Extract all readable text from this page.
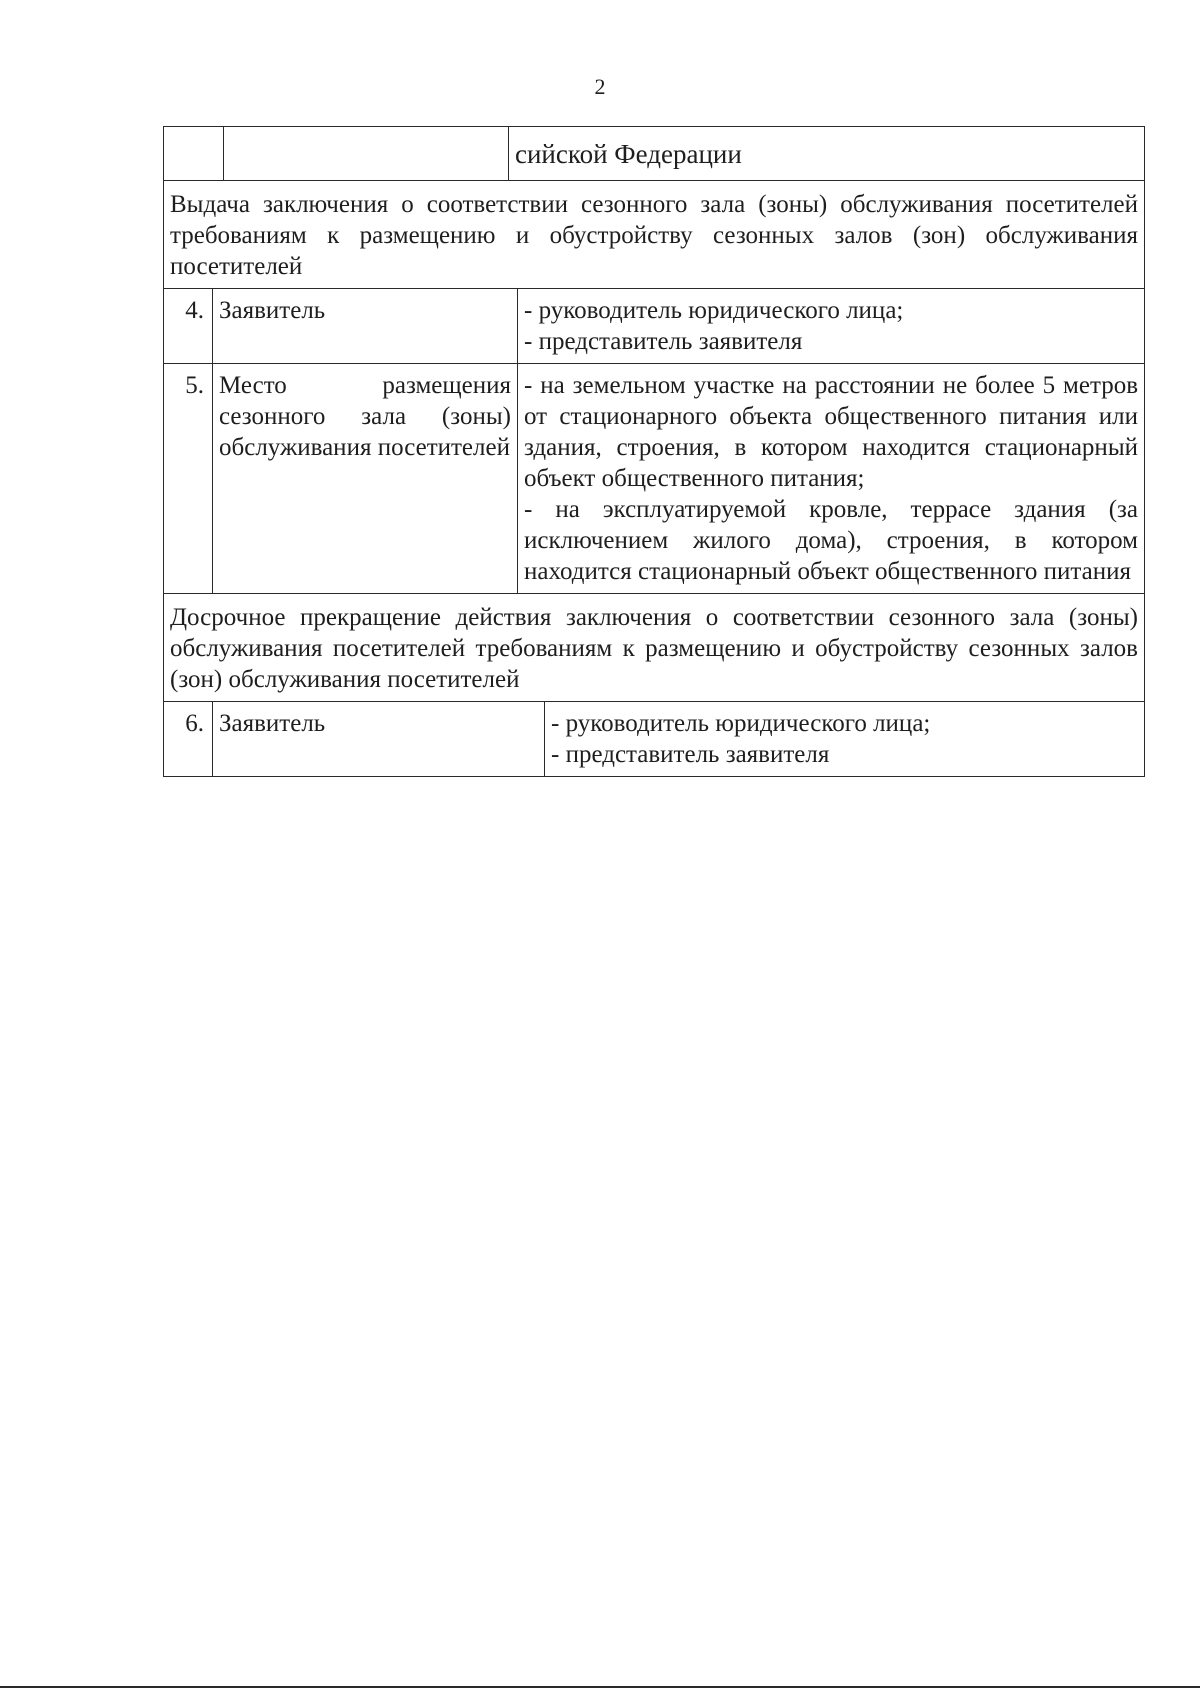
2
сийской Федерации
Выдача заключения о соответствии сезонного зала (зоны) обслуживания посетителей требованиям к размещению и обустройству сезонных залов (зон) обслуживания посетителей
4. Заявитель	- руководитель юридического лица;
- представитель заявителя
5. Место размещения сезонного зала (зоны) обслуживания посетителей
- на земельном участке на расстоянии не более 5 метров от стационарного объекта общественного питания или здания, строения, в котором находится стационарный объект общественного питания;
- на эксплуатируемой кровле, террасе здания (за исключением жилого дома), строения, в котором находится стационарный объект общественного питания
Досрочное прекращение действия заключения о соответствии сезонного зала (зоны) обслуживания посетителей требованиям к размещению и обустройству сезонных залов (зон) обслуживания посетителей
6. Заявитель	- руководитель юридического лица;
- представитель заявителя
